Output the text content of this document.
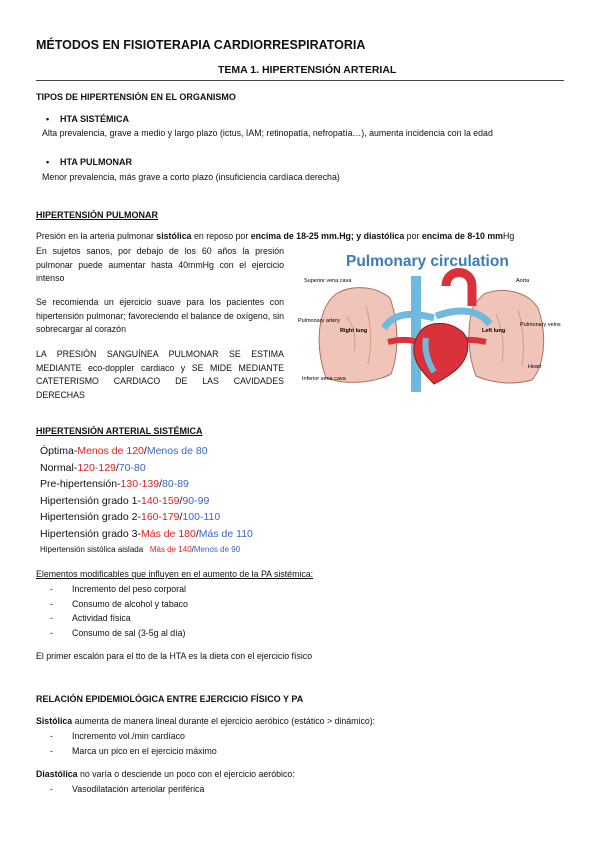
MÉTODOS EN FISIOTERAPIA CARDIORRESPIRATORIA
TEMA 1. HIPERTENSIÓN ARTERIAL
TIPOS DE HIPERTENSIÓN EN EL ORGANISMO
• HTA SISTÉMICA
Alta prevalencia, grave a medio y largo plazo (ictus, IAM; retinopatía, nefropatía…), aumenta incidencia con la edad
• HTA PULMONAR
Menor prevalencia, más grave a corto plazo (insuficiencia cardíaca derecha)
HIPERTENSIÓN PULMONAR
Presión en la arteria pulmonar sistólica en reposo por encima de 18-25 mm.Hg; y diastólica por encima de 8-10 mmHg
En sujetos sanos, por debajo de los 60 años la presión pulmonar puede aumentar hasta 40mmHg con el ejercicio intenso
Se recomienda un ejercicio suave para los pacientes con hipertensión pulmonar; favoreciendo el balance de oxígeno, sin sobrecargar al corazón
LA PRESIÓN SANGUÍNEA PULMONAR SE ESTIMA MEDIANTE eco-doppler cardiaco y SE MIDE MEDIANTE CATETERISMO CARDIACO DE LAS CAVIDADES DERECHAS
Pulmonary circulation
Superior vena cava	Aorta
Pulmonary artery
Right lung	Left lung
Pulmonary veins
Heart
Inferior vena cava
HIPERTENSIÓN ARTERIAL SISTÉMICA
Óptima-Menos de 120/Menos de 80
Normal-120-129/70-80
Pre-hipertensión-130-139/80-89
Hipertensión grado 1-140-159/90-99
Hipertensión grado 2-160-179/100-110
Hipertensión grado 3-Más de 180/Más de 110
Hipertensión sistólica aislada Más de 140/Menos de 90
Elementos modificables que influyen en el aumento de la PA sistémica:
- Incremento del peso corporal
- Consumo de alcohol y tabaco
- Actividad física
- Consumo de sal (3-5g al día)
El primer escalón para el tto de la HTA es la dieta con el ejercicio físico
RELACIÓN EPIDEMIOLÓGICA ENTRE EJERCICIO FÍSICO Y PA
Sistólica aumenta de manera lineal durante el ejercicio aeróbico (estático > dinámico):
- Incremento vol./min cardíaco
- Marca un pico en el ejercicio máximo
Diastólica no varía o desciende un poco con el ejercicio aeróbico:
- Vasodilatación arteriolar periférica
